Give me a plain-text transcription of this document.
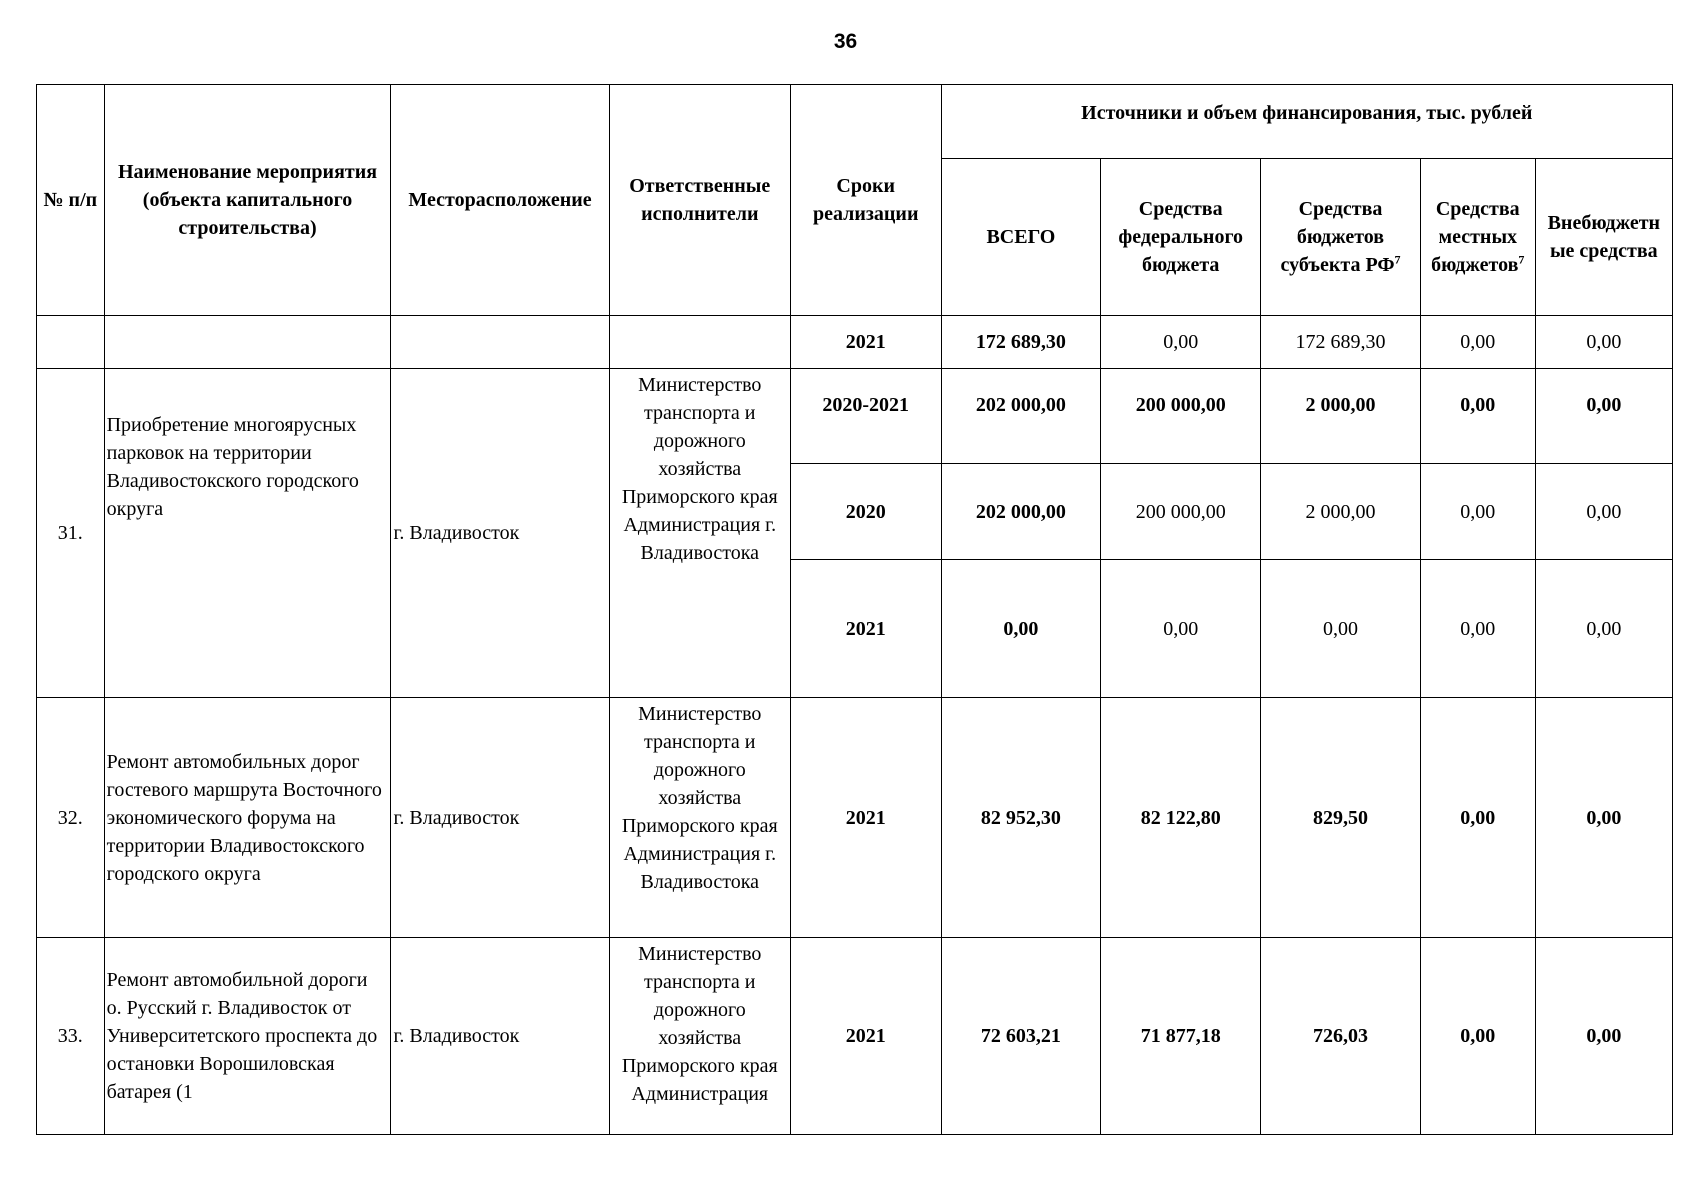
36
№ п/п	Наименование мероприятия (объекта капитального строительства)	Месторасположение	Ответственные исполнители	Сроки реализации	Источники и объем финансирования, тыс. рублей				
					ВСЕГО	Средства федерального бюджета	Средства бюджетов субъекта $РФ^7$	Средства местных бюджетов$^7$	Внебюджетн ые средства
				2021	172 689,30	0,00	172 689,30	0,00	0,00
31.	Приобретение многоярусных парковок на территории Владивостокского городского округа	г. Владивосток	Министерство транспорта и дорожного хозяйства Приморского края Администрация г. Владивостока	2020-2021	202 000,00	200 000,00	2 000,00	0,00	0,00
				2020	202 000,00	200 000,00	2 000,00	0,00	0,00
				2021	0,00	0,00	0,00	0,00	0,00
32.	Ремонт автомобильных дорог гостевого маршрута Восточного экономического форума на территории Владивостокского городского округа	г. Владивосток	Министерство транспорта и дорожного хозяйства Приморского края Администрация г. Владивостока	2021	82 952,30	82 122,80	829,50	0,00	0,00
33.	Ремонт автомобильной дороги о. Русский г. Владивосток от Университетского проспекта до остановки Ворошиловская батарея (1	г. Владивосток	Министерство транспорта и дорожного хозяйства Приморского края Администрация	2021	72 603,21	71 877,18	726,03	0,00	0,00
